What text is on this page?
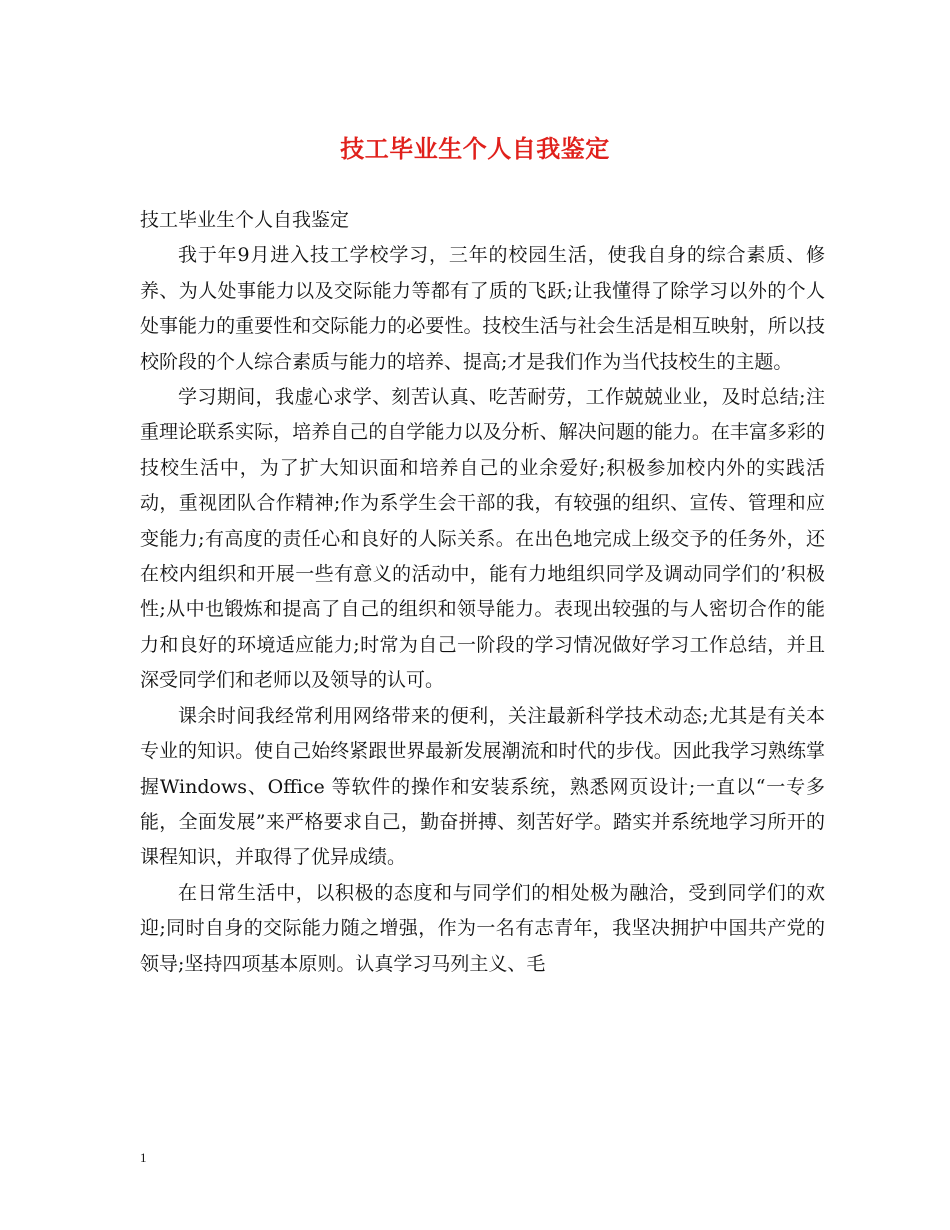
技工毕业生个人自我鉴定

技工毕业生个人自我鉴定

我于年9月进入技工学校学习，三年的校园生活，使我自身的综合素质、修养、为人处事能力以及交际能力等都有了质的飞跃;让我懂得了除学习以外的个人处事能力的重要性和交际能力的必要性。技校生活与社会生活是相互映射，所以技校阶段的个人综合素质与能力的培养、提高;才是我们作为当代技校生的主题。

学习期间，我虚心求学、刻苦认真、吃苦耐劳，工作兢兢业业，及时总结;注重理论联系实际，培养自己的自学能力以及分析、解决问题的能力。在丰富多彩的技校生活中，为了扩大知识面和培养自己的业余爱好;积极参加校内外的实践活动，重视团队合作精神;作为系学生会干部的我，有较强的组织、宣传、管理和应变能力;有高度的责任心和良好的人际关系。在出色地完成上级交予的任务外，还在校内组织和开展一些有意义的活动中，能有力地组织同学及调动同学们的’积极性;从中也锻炼和提高了自己的组织和领导能力。表现出较强的与人密切合作的能力和良好的环境适应能力;时常为自己一阶段的学习情况做好学习工作总结，并且深受同学们和老师以及领导的认可。

课余时间我经常利用网络带来的便利，关注最新科学技术动态;尤其是有关本专业的知识。使自己始终紧跟世界最新发展潮流和时代的步伐。因此我学习熟练掌握Windows、Office 等软件的操作和安装系统，熟悉网页设计;一直以“一专多能，全面发展”来严格要求自己，勤奋拼搏、刻苦好学。踏实并系统地学习所开的课程知识，并取得了优异成绩。

在日常生活中，以积极的态度和与同学们的相处极为融洽，受到同学们的欢迎;同时自身的交际能力随之增强，作为一名有志青年，我坚决拥护中国共产党的领导;坚持四项基本原则。认真学习马列主义、毛

1
